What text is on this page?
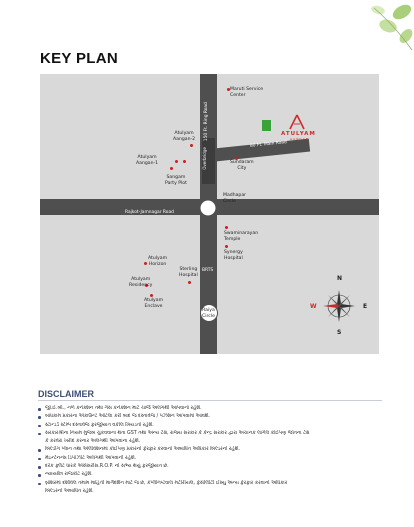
KEY PLAN
150 Ft. Ring Road
80 Ft. Main Road
Rajkot-Jamnagar Road
BRTS
Overbridge
ATULYAM
AANGAN
Maruti Service
Center
Atulyam
Aangan-2
Atulyam
Aangan-1
Sangam
Party Plot
Sundaram
City
Madhapar
Circle
Swaminarayan
Temple
Synergy
Hospital
Atulyam
Horizon
Atulyam
Residency
Atulyam
Enclave
Sterling
Hospital
Raiya
Circle
N
S
W	E
DISCLAIMER
જી.ઈ.બી., નળ કનેક્શન તથા ગેસ કનેક્શન માટે ચાર્જ અલગથી આપવાનો રહેશે.
બાંધકામ પ્રકારના એકાઉન્ટ ઓટલા કરી બાદ જ દસ્તાવેજ / પઝેશન આપવામાં આવશે.
સ્ટાન્ડર્ડ સ્ટેમ્પ દસ્તાવેજ ફરજીયાત વકીલ ખિયડતો રહેશે.
સરકારશ્રીના નિયમ મુજબ ચુકવવાના થતા GST તથા અન્ય ટેક્ષ, રાજ્ય સરકાર કે કેન્દ્ર સરકાર દ્વારા અચાનક લાગેલ કોઈપણ જાતના ટેક્ષ
કે કરવેરા ખરીદ કરનાર અલગથી આપવાના રહેશે.
બિલ્ડીંગ પ્લાન તથા એલીવેશનમાં કોઈપણ પ્રકારનો ફેરફાર કરવાનો અબાધિત અધિકાર બિલ્ડરનો રહેશે.
મેઇન્ટેનન્સ ડિપોઝીટ અલગથી આપવાની રહેશે.
દરેક ફ્લેટ ધારકે એસેસરીસ.R.O.P. નો સભ્ય થયું ફરજીયાત છે.
ન્યાયક્ષેત્ર રાજકોટ રહેશે.
બ્રોશરમાં દર્શાવેલ તમામ માહિતી માર્ગદર્શન માટે જ છે, કંપ્લેનિષ્ટવાલ મટીરીયલ, ફેસીલીટી ઈસ્યુ અન્ય ફેરફાર કરવાનો અધિકાર
બિલ્ડરનો અબાધિત રહેશે.
